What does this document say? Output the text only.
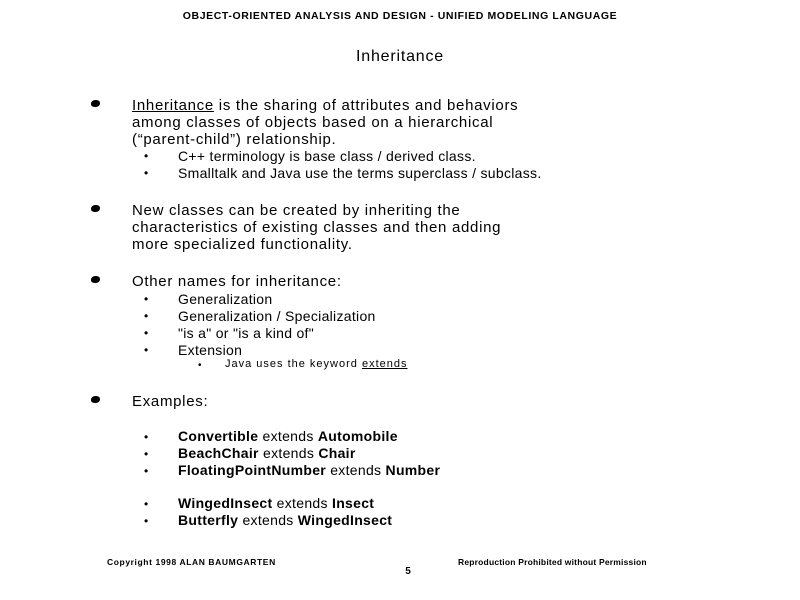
OBJECT-ORIENTED ANALYSIS AND DESIGN - UNIFIED MODELING LANGUAGE
Inheritance
Inheritance is the sharing of attributes and behaviors
among classes of objects based on a hierarchical
(“parent-child”) relationship.
• C++ terminology is base class / derived class.
• Smalltalk and Java use the terms superclass / subclass.
New classes can be created by inheriting the
characteristics of existing classes and then adding
more specialized functionality.
Other names for inheritance:
• Generalization
• Generalization / Specialization
• "is a" or "is a kind of"
• Extension
• Java uses the keyword extends
Examples:
• Convertible extends Automobile
• BeachChair extends Chair
• FloatingPointNumber extends Number
• WingedInsect extends Insect
• Butterfly extends WingedInsect
Copyright 1998 ALAN BAUMGARTEN	Reproduction Prohibited without Permission
5
